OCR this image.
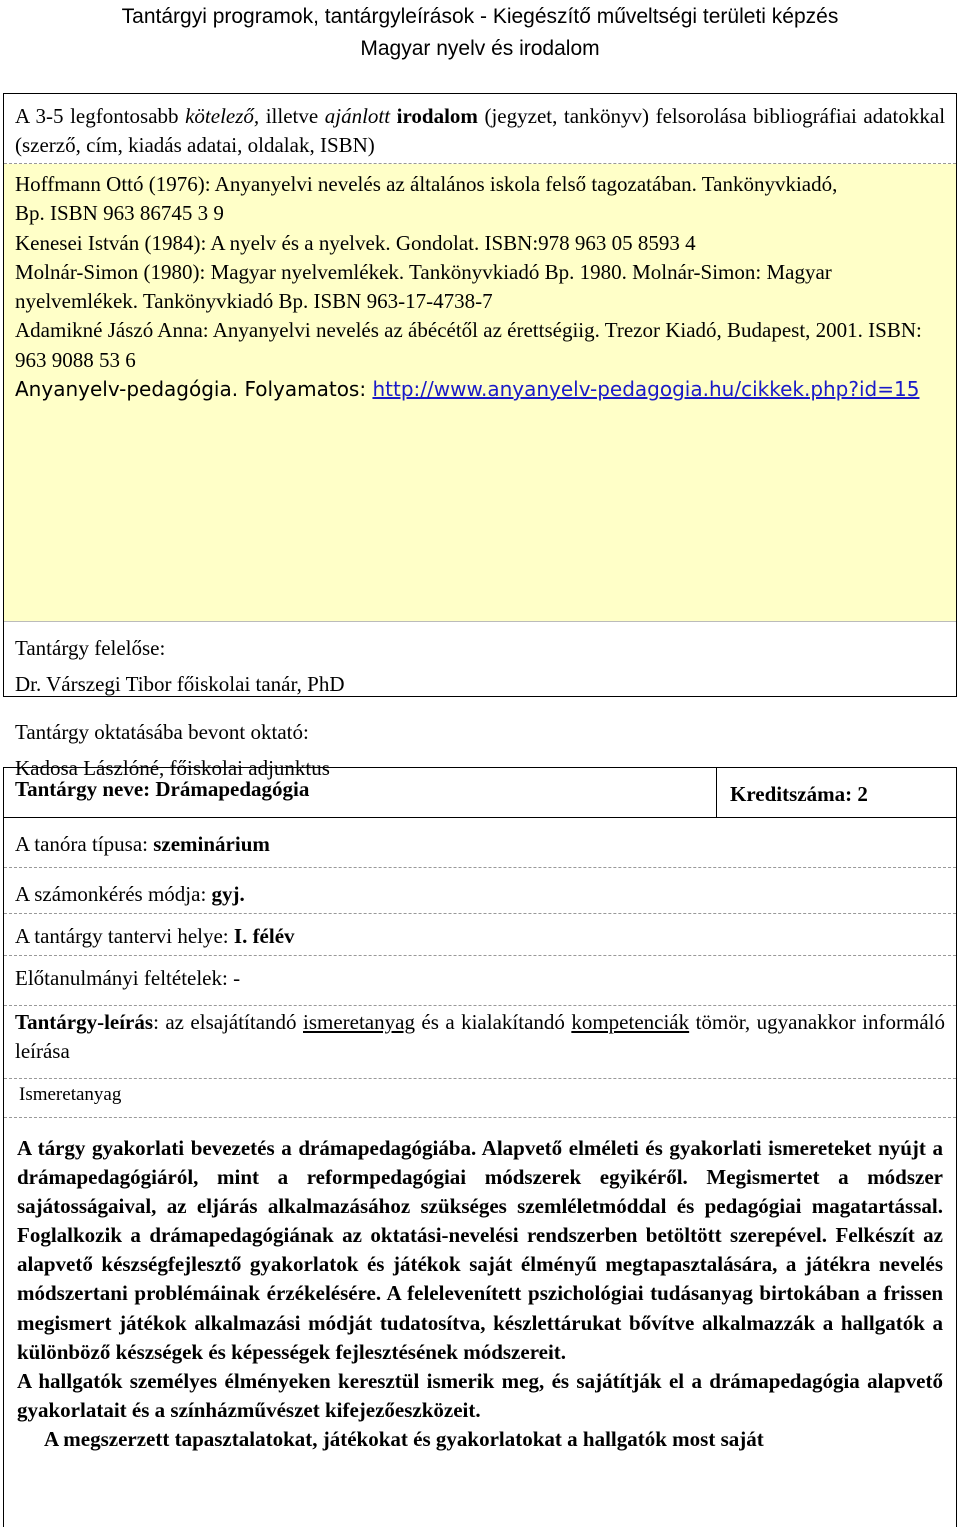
Tantárgyi programok, tantárgyleírások - Kiegészítő műveltségi területi képzés
Magyar nyelv és irodalom
A 3-5 legfontosabb kötelező, illetve ajánlott irodalom (jegyzet, tankönyv) felsorolása bibliográfiai adatokkal (szerző, cím, kiadás adatai, oldalak, ISBN)
Hoffmann Ottó (1976): Anyanyelvi nevelés az általános iskola felső tagozatában. Tankönyvkiadó,
Bp. ISBN 963 86745 3 9
Kenesei István (1984): A nyelv és a nyelvek. Gondolat. ISBN:978 963 05 8593 4
Molnár-Simon (1980): Magyar nyelvemlékek. Tankönyvkiadó Bp. 1980. Molnár-Simon: Magyar nyelvemlékek. Tankönyvkiadó Bp. ISBN 963-17-4738-7
Adamikné Jászó Anna: Anyanyelvi nevelés az ábécétől az érettségiig. Trezor Kiadó, Budapest, 2001. ISBN: 963 9088 53 6
Anyanyelv-pedagógia. Folyamatos: http://www.anyanyelv-pedagogia.hu/cikkek.php?id=15
Tantárgy felelőse:
Dr. Várszegi Tibor főiskolai tanár, PhD
Tantárgy oktatásába bevont oktató:
Kadosa Lászlóné, főiskolai adjunktus
Tantárgy neve: Drámapedagógia	Kreditszáma: 2
A tanóra típusa: szeminárium
A számonkérés módja: gyj.
A tantárgy tantervi helye: I. félév
Előtanulmányi feltételek: -
Tantárgy-leírás: az elsajátítandó ismeretanyag és a kialakítandó kompetenciák tömör, ugyanakkor informáló leírása
Ismeretanyag

A tárgy gyakorlati bevezetés a drámapedagógiába. Alapvető elméleti és gyakorlati ismereteket nyújt a drámapedagógiáról, mint a reformpedagógiai módszerek egyikéről. Megismertet a módszer sajátosságaival, az eljárás alkalmazásához szükséges szemléletmóddal és pedagógiai magatartással. Foglalkozik a drámapedagógiának az oktatási-nevelési rendszerben betöltött szerepével. Felkészít az alapvető készségfejlesztő gyakorlatok és játékok saját élményű megtapasztalására, a játékra nevelés módszertani problémáinak érzékelésére. A felelevenített pszichológiai tudásanyag birtokában a frissen megismert játékok alkalmazási módját tudatosítva, készlettárukat bővítve alkalmazzák a hallgatók a különböző készségek és képességek fejlesztésének módszereit.

A hallgatók személyes élményeken keresztül ismerik meg, és sajátítják el a drámapedagógia alapvető gyakorlatait és a színházművészet kifejezőeszközeit.

A megszerzett tapasztalatokat, játékokat és gyakorlatokat a hallgatók most saját
